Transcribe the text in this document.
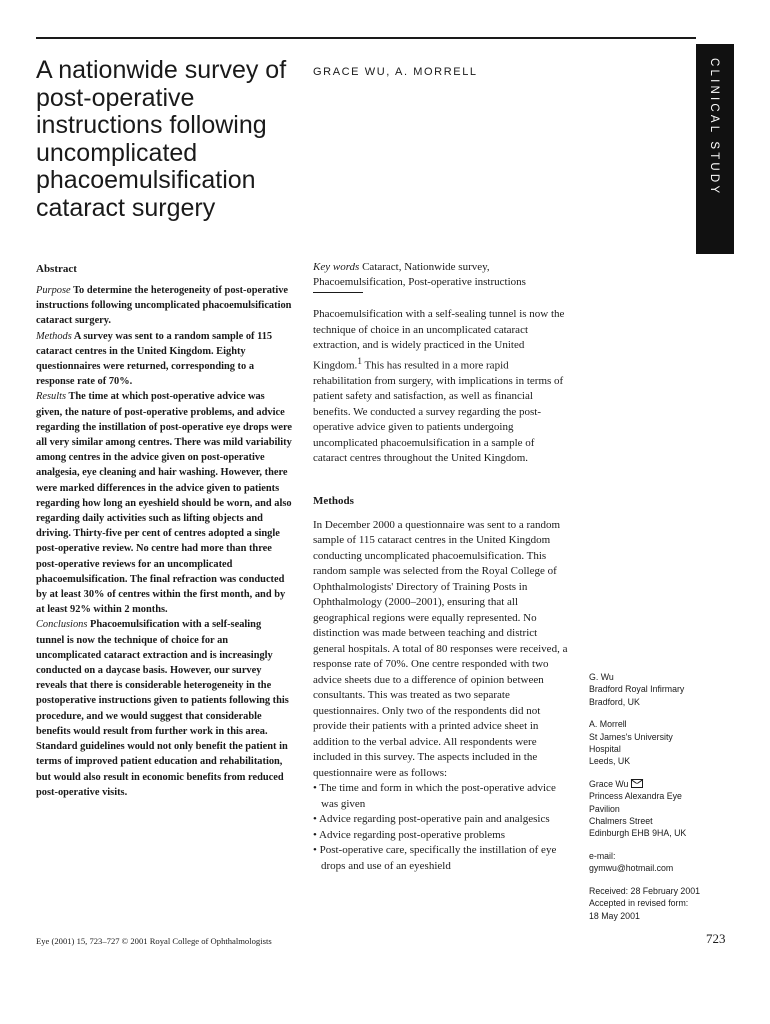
CLINICAL STUDY
A nationwide survey of post-operative instructions following uncomplicated phacoemulsification cataract surgery
GRACE WU, A. MORRELL
Abstract

Purpose To determine the heterogeneity of post-operative instructions following uncomplicated phacoemulsification cataract surgery.
Methods A survey was sent to a random sample of 115 cataract centres in the United Kingdom. Eighty questionnaires were returned, corresponding to a response rate of 70%.
Results The time at which post-operative advice was given, the nature of post-operative problems, and advice regarding the instillation of post-operative eye drops were all very similar among centres. There was mild variability among centres in the advice given on post-operative analgesia, eye cleaning and hair washing. However, there were marked differences in the advice given to patients regarding how long an eyeshield should be worn, and also regarding daily activities such as lifting objects and driving. Thirty-five per cent of centres adopted a single post-operative review. No centre had more than three post-operative reviews for an uncomplicated phacoemulsification. The final refraction was conducted by at least 30% of centres within the first month, and by at least 92% within 2 months.
Conclusions Phacoemulsification with a self-sealing tunnel is now the technique of choice for an uncomplicated cataract extraction and is increasingly conducted on a daycase basis. However, our survey reveals that there is considerable heterogeneity in the postoperative instructions given to patients following this procedure, and we would suggest that considerable benefits would result from further work in this area. Standard guidelines would not only benefit the patient in terms of improved patient education and rehabilitation, but would also result in economic benefits from reduced post-operative visits.

Key words Cataract, Nationwide survey, Phacoemulsification, Post-operative instructions

Phacoemulsification with a self-sealing tunnel is now the technique of choice in an uncomplicated cataract extraction, and is widely practiced in the United Kingdom.$^1$ This has resulted in a more rapid rehabilitation from surgery, with implications in terms of patient safety and satisfaction, as well as financial benefits. We conducted a survey regarding the post-operative advice given to patients undergoing uncomplicated phacoemulsification in a sample of cataract centres throughout the United Kingdom.

Methods

In December 2000 a questionnaire was sent to a random sample of 115 cataract centres in the United Kingdom conducting uncomplicated phacoemulsification. This random sample was selected from the Royal College of Ophthalmologists' Directory of Training Posts in Ophthalmology (2000–2001), ensuring that all geographical regions were equally represented. No distinction was made between teaching and district general hospitals. A total of 80 responses were received, a response rate of 70%. One centre responded with two advice sheets due to a difference of opinion between consultants. This was treated as two separate questionnaires. Only two of the respondents did not provide their patients with a printed advice sheet in addition to the verbal advice. All respondents were included in this survey. The aspects included in the questionnaire were as follows:

• The time and form in which the post-operative advice was given
• Advice regarding post-operative pain and analgesics
• Advice regarding post-operative problems
• Post-operative care, specifically the instillation of eye drops and use of an eyeshield
G. Wu
Bradford Royal Infirmary
Bradford, UK
A. Morrell
St James's University
Hospital
Leeds, UK
Grace Wu
Princess Alexandra Eye
Pavilion
Chalmers Street
Edinburgh EHB 9HA, UK
e-mail:
gymwu@hotmail.com
Received: 28 February 2001
Accepted in revised form:
18 May 2001
Eye (2001) 15, 723–727 © 2001 Royal College of Ophthalmologists	723
